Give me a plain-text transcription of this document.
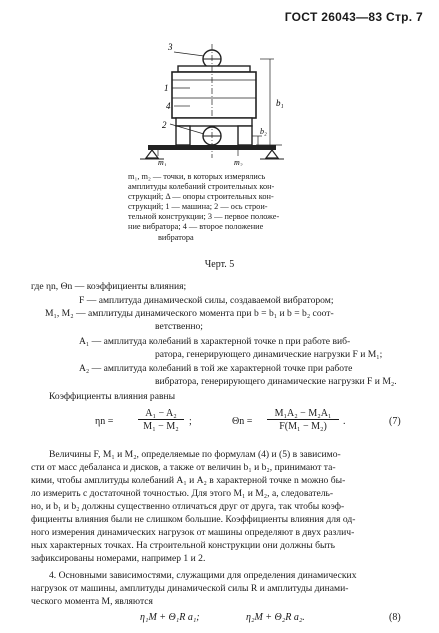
ГОСТ 26043—83 Стр. 7
3
1
4
2
b₁
b₂
m₁	m₂
m₁, m₂ — точки, в которых измерялись
амплитуды колебаний строительных кон-
струкций; Δ — опоры строительных кон-
струкций; 1 — машина; 2 — ось строи-
тельной конструкции; 3 — первое положе-
ние вибратора; 4 — второе положение
вибратора
Черт. 5
где ηn, Θn — коэффициенты влияния;
F — амплитуда динамической силы, создаваемой вибратором;
M₁, M₂ — амплитуды динамического момента при b = b₁ и b = b₂ соот-
ветственно;
A₁ — амплитуда колебаний в характерной точке n при работе виб-
ратора, генерирующего динамические нагрузки F и M₁;
A₂ — амплитуда колебаний в той же характерной точке при работе
вибратора, генерирующего динамические нагрузки F и M₂.
Коэффициенты влияния равны
ηn =
A₁ − A₂
M₁ − M₂	;	Θn =
M₁A₂ − M₂A₁
F(M₁ − M₂)	.	(7)
Величины F, M₁ и M₂, определяемые по формулам (4) и (5) в зависимо-
сти от масс дебаланса и дисков, а также от величин b₁ и b₂, принимают та-
кими, чтобы амплитуды колебаний A₁ и A₂ в характерной точке n можно бы-
ло измерить с достаточной точностью. Для этого M₁ и M₂, а, следователь-
но, и b₁ и b₂ должны существенно отличаться друг от друга, так чтобы коэф-
фициенты влияния были не слишком большие. Коэффициенты влияния для од-
ного измерения динамических нагрузок от машины определяют в двух различ-
ных характерных точках. На строительной конструкции они должны быть
зафиксированы номерами, например 1 и 2.
4. Основными зависимостями, служащими для определения динамических
нагрузок от машины, амплитуды динамической силы R и амплитуды динами-
ческого момента M, являются
η₁M + Θ₁R a₁;	η₂M + Θ₂R a₂.	(8)
